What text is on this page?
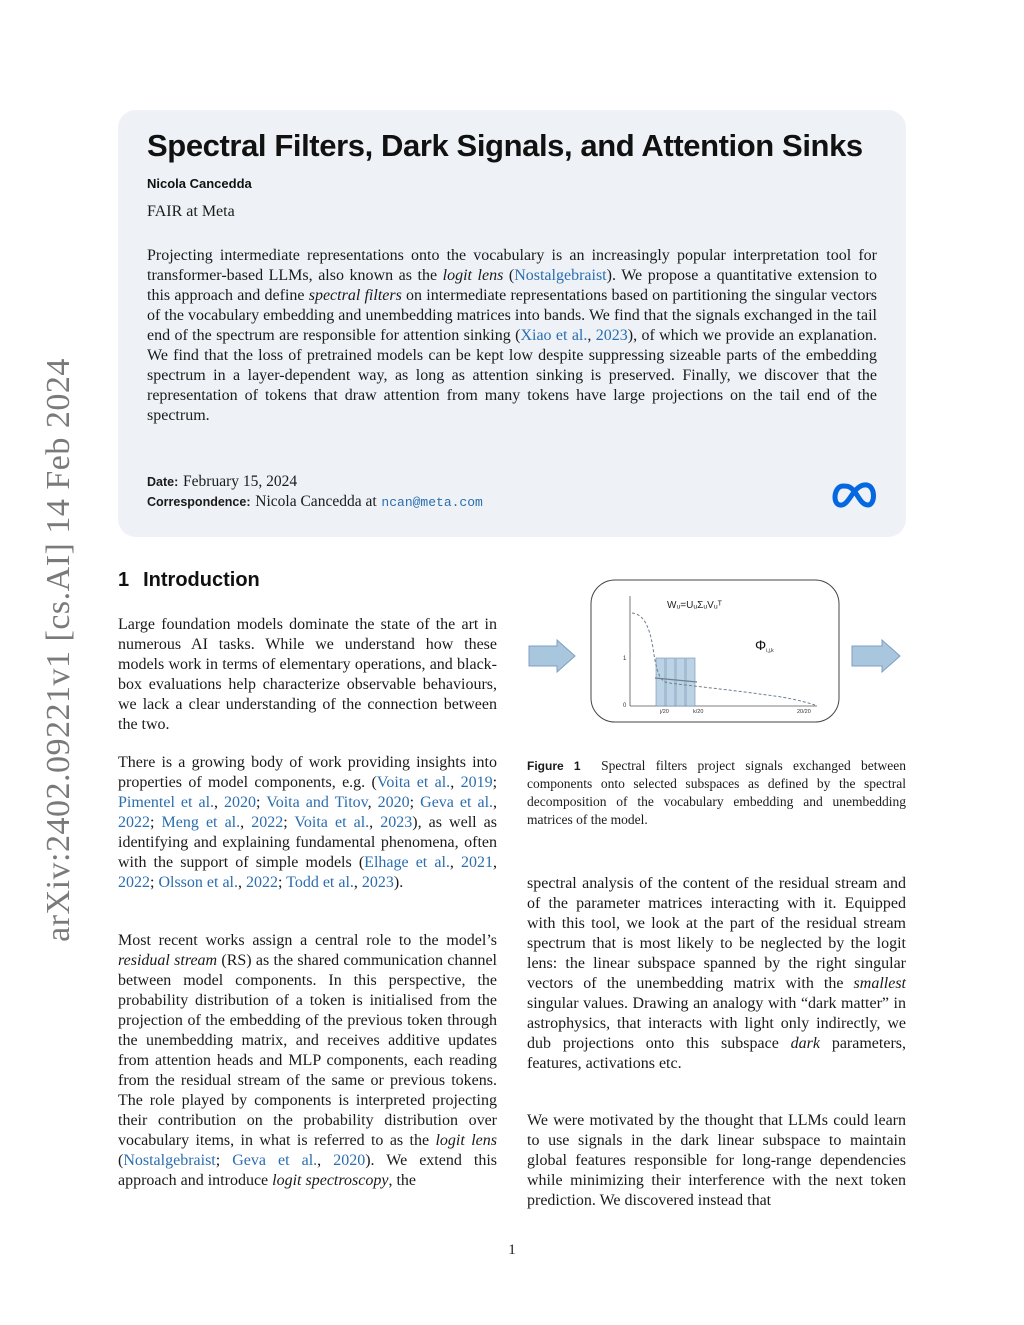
arXiv:2402.09221v1 [cs.AI] 14 Feb 2024
Spectral Filters, Dark Signals, and Attention Sinks
Nicola Cancedda
FAIR at Meta
Projecting intermediate representations onto the vocabulary is an increasingly popular interpretation tool for transformer-based LLMs, also known as the logit lens (Nostalgebraist). We propose a quantitative extension to this approach and define spectral filters on intermediate representations based on partitioning the singular vectors of the vocabulary embedding and unembedding matrices into bands. We find that the signals exchanged in the tail end of the spectrum are responsible for attention sinking (Xiao et al., 2023), of which we provide an explanation. We find that the loss of pretrained models can be kept low despite suppressing sizeable parts of the embedding spectrum in a layer-dependent way, as long as attention sinking is preserved. Finally, we discover that the representation of tokens that draw attention from many tokens have large projections on the tail end of the spectrum.
Date: February 15, 2024
Correspondence: Nicola Cancedda at ncan@meta.com
1 Introduction

Large foundation models dominate the state of the art in numerous AI tasks. While we understand how these models work in terms of elementary operations, and black-box evaluations help characterize observable behaviours, we lack a clear understanding of the connection between the two.

There is a growing body of work providing insights into properties of model components, e.g. (Voita et al., 2019; Pimentel et al., 2020; Voita and Titov, 2020; Geva et al., 2022; Meng et al., 2022; Voita et al., 2023), as well as identifying and explaining fundamental phenomena, often with the support of simple models (Elhage et al., 2021, 2022; Olsson et al., 2022; Todd et al., 2023).

Most recent works assign a central role to the model’s residual stream (RS) as the shared communication channel between model components. In this perspective, the probability distribution of a token is initialised from the projection of the embedding of the previous token through the unembedding matrix, and receives additive updates from attention heads and MLP components, each reading from the residual stream of the same or previous tokens. The role played by components is interpreted projecting their contribution on the probability distribution over vocabulary items, in what is referred to as the logit lens (Nostalgebraist; Geva et al., 2020). We extend this approach and introduce logit spectroscopy, the

1
0
j/20	k/20	20/20
Wᵤ=UᵤΣᵤVᵤᵀ
Φi,j,k
Figure 1 Spectral filters project signals exchanged between components onto selected subspaces as defined by the spectral decomposition of the vocabulary embedding and unembedding matrices of the model.

spectral analysis of the content of the residual stream and of the parameter matrices interacting with it. Equipped with this tool, we look at the part of the residual stream spectrum that is most likely to be neglected by the logit lens: the linear subspace spanned by the right singular vectors of the unembedding matrix with the smallest singular values. Drawing an analogy with “dark matter” in astrophysics, that interacts with light only indirectly, we dub projections onto this subspace dark parameters, features, activations etc.

We were motivated by the thought that LLMs could learn to use signals in the dark linear subspace to maintain global features responsible for long-range dependencies while minimizing their interference with the next token prediction. We discovered instead that

1
